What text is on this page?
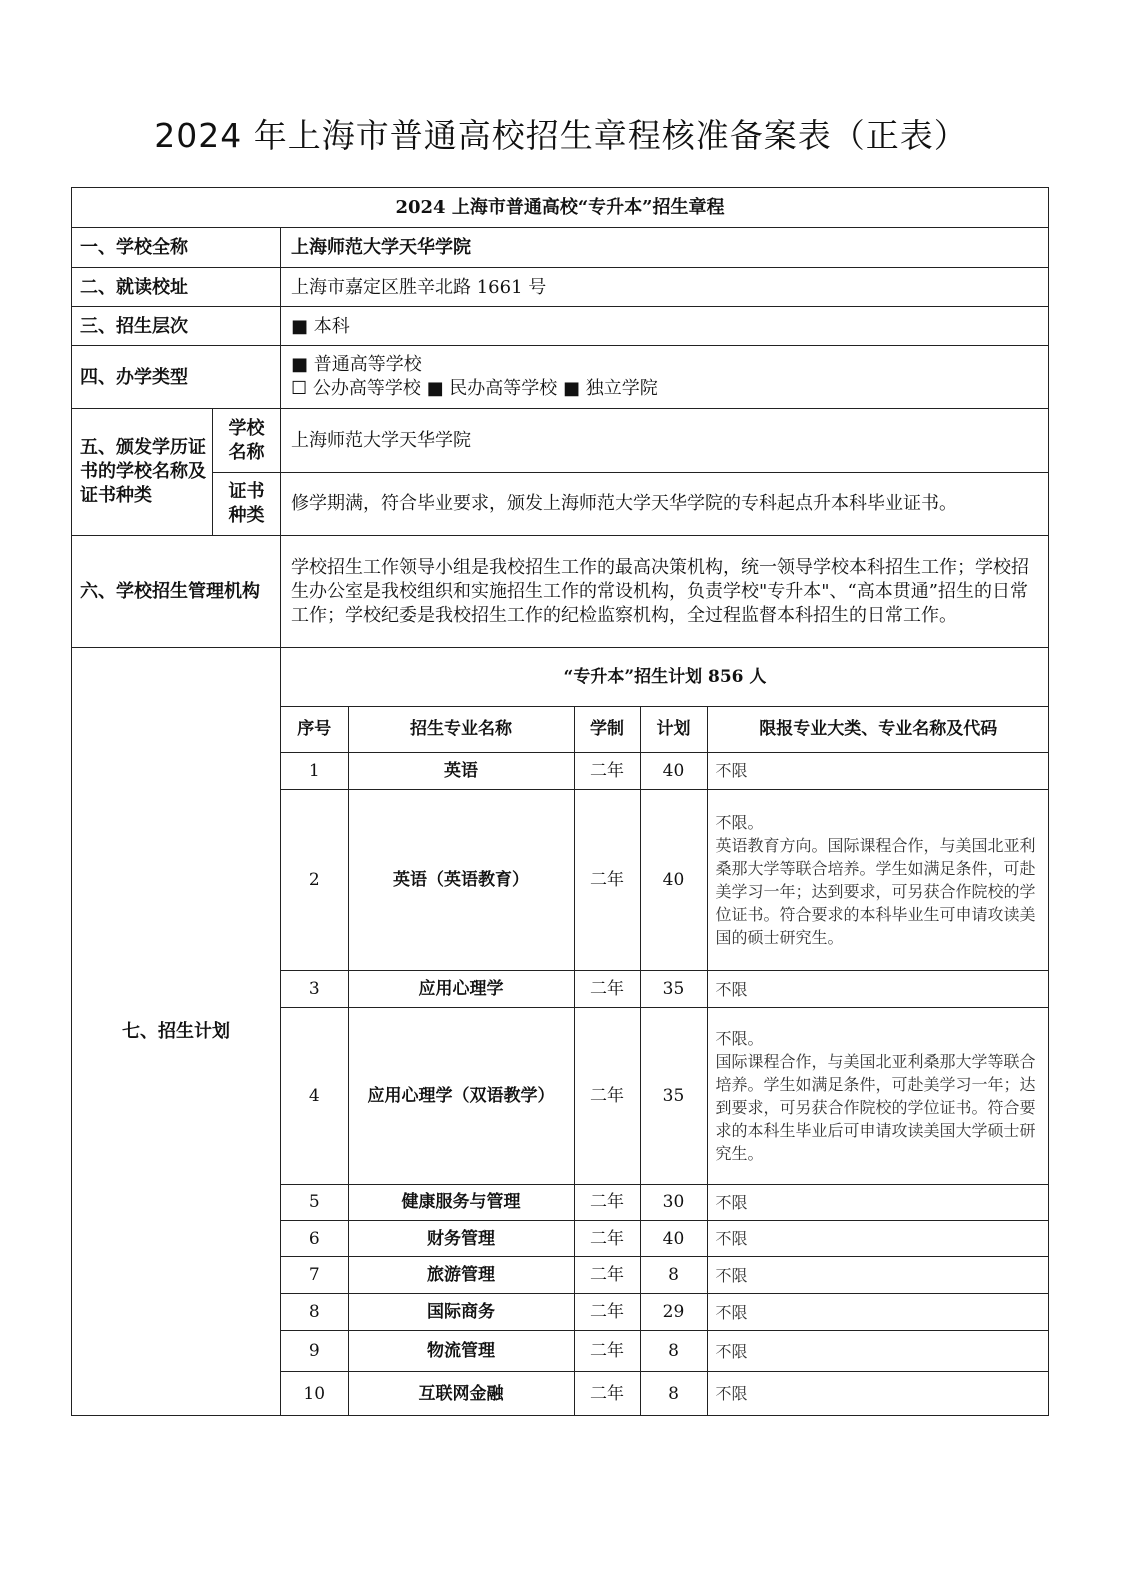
2024 年上海市普通高校招生章程核准备案表（正表）
2024 上海市普通高校“专升本”招生章程
一、学校全称	上海师范大学天华学院
二、就读校址	上海市嘉定区胜辛北路 1661 号
三、招生层次	■ 本科
四、办学类型	
■ 普通高等学校
☐ 公办高等学校 ■ 民办高等学校 ■ 独立学院

五、颁发学历证书的学校名称及证书种类	学校名称	上海师范大学天华学院
证书种类	修学期满，符合毕业要求，颁发上海师范大学天华学院的专科起点升本科毕业证书。
六、学校招生管理机构	学校招生工作领导小组是我校招生工作的最高决策机构，统一领导学校本科招生工作；学校招生办公室是我校组织和实施招生工作的常设机构，负责学校"专升本"、“高本贯通”招生的日常工作；学校纪委是我校招生工作的纪检监察机构，全过程监督本科招生的日常工作。
七、招生计划	
“专升本”招生计划 856 人
序号	招生专业名称	学制	计划	限报专业大类、专业名称及代码
1	英语	二年	40	不限
2	英语（英语教育）	二年	40	不限。
英语教育方向。国际课程合作，与美国北亚利桑那大学等联合培养。学生如满足条件，可赴美学习一年；达到要求，可另获合作院校的学位证书。符合要求的本科毕业生可申请攻读美国的硕士研究生。
3	应用心理学	二年	35	不限
4	应用心理学（双语教学）	二年	35	不限。
国际课程合作，与美国北亚利桑那大学等联合培养。学生如满足条件，可赴美学习一年；达到要求，可另获合作院校的学位证书。符合要求的本科生毕业后可申请攻读美国大学硕士研究生。
5	健康服务与管理	二年	30	不限
6	财务管理	二年	40	不限
7	旅游管理	二年	8	不限
8	国际商务	二年	29	不限
9	物流管理	二年	8	不限
10	互联网金融	二年	8	不限
